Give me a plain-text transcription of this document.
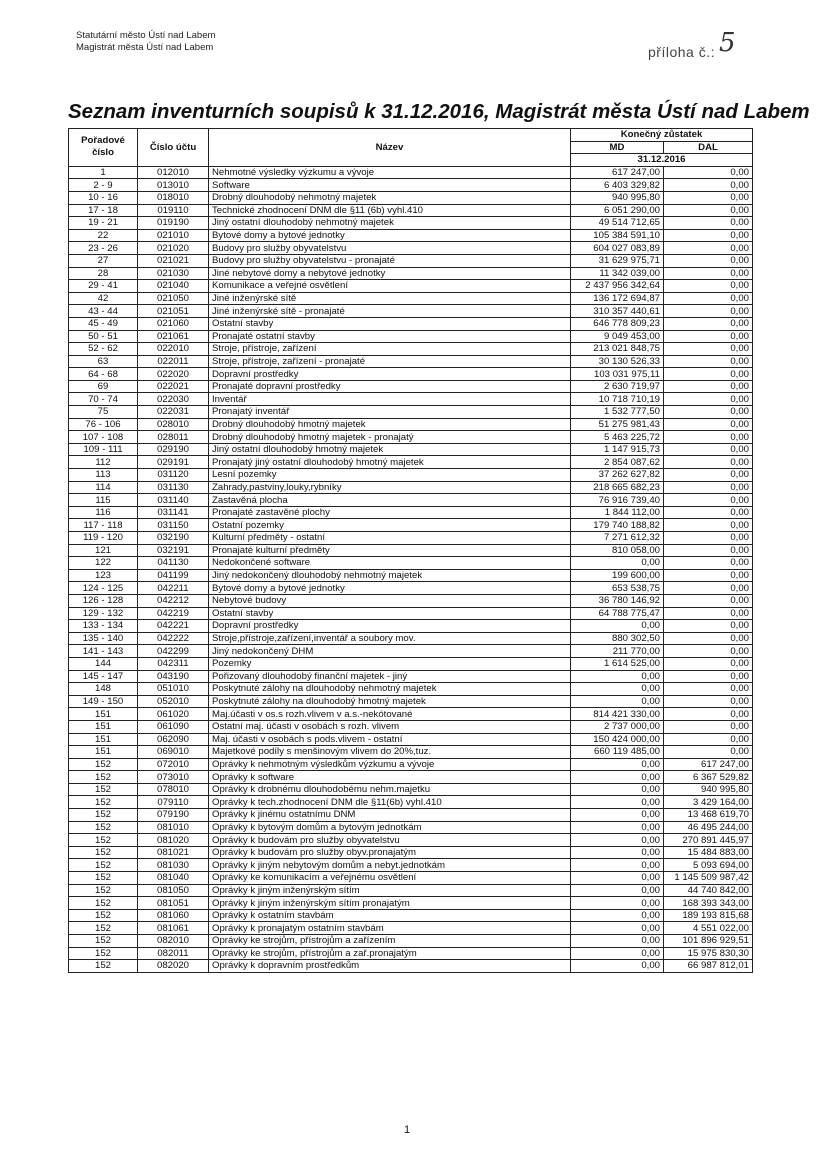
Statutární město Ústí nad Labem
Magistrát města Ústí nad Labem	příloha č.: 5
Seznam inventurních soupisů k 31.12.2016, Magistrát města Ústí nad Labem
Pořadové číslo	Číslo účtu	Název	Konečný zůstatek	
			MD	DAL
			31.12.2016	
1	012010	Nehmotné výsledky výzkumu a vývoje	617 247,00	0,00
2 - 9	013010	Software	6 403 329,82	0,00
10 - 16	018010	Drobný dlouhodobý nehmotný majetek	940 995,80	0,00
17 - 18	019110	Technické zhodnocení DNM dle §11 (6b) vyhl.410	6 051 290,00	0,00
19 - 21	019190	Jiný ostatní dlouhodobý nehmotný majetek	49 514 712,65	0,00
22	021010	Bytové domy a bytové jednotky	105 384 591,10	0,00
23 - 26	021020	Budovy pro služby obyvatelstvu	604 027 083,89	0,00
27	021021	Budovy pro služby obyvatelstvu - pronajaté	31 629 975,71	0,00
28	021030	Jiné nebytové domy a nebytové jednotky	11 342 039,00	0,00
29 - 41	021040	Komunikace a veřejné osvětlení	2 437 956 342,64	0,00
42	021050	Jiné inženýrské sítě	136 172 694,87	0,00
43 - 44	021051	Jiné inženýrské sítě - pronajaté	310 357 440,61	0,00
45 - 49	021060	Ostatní stavby	646 778 809,23	0,00
50 - 51	021061	Pronajaté ostatní stavby	9 049 453,00	0,00
52 - 62	022010	Stroje, přístroje, zařízení	213 021 848,75	0,00
63	022011	Stroje, přístroje, zařízení - pronajaté	30 130 526,33	0,00
64 - 68	022020	Dopravní prostředky	103 031 975,11	0,00
69	022021	Pronajaté dopravní prostředky	2 630 719,97	0,00
70 - 74	022030	Inventář	10 718 710,19	0,00
75	022031	Pronajatý inventář	1 532 777,50	0,00
76 - 106	028010	Drobný dlouhodobý hmotný majetek	51 275 981,43	0,00
107 - 108	028011	Drobný dlouhodobý hmotný majetek - pronajatý	5 463 225,72	0,00
109 - 111	029190	Jiný ostatní dlouhodobý hmotný majetek	1 147 915,73	0,00
112	029191	Pronajatý jiný ostatní dlouhodobý hmotný majetek	2 854 087,62	0,00
113	031120	Lesní pozemky	37 262 627,82	0,00
114	031130	Zahrady,pastviny,louky,rybníky	218 665 682,23	0,00
115	031140	Zastavěná plocha	76 916 739,40	0,00
116	031141	Pronajaté zastavěné plochy	1 844 112,00	0,00
117 - 118	031150	Ostatní pozemky	179 740 188,82	0,00
119 - 120	032190	Kulturní předměty - ostatní	7 271 612,32	0,00
121	032191	Pronajaté kulturní předměty	810 058,00	0,00
122	041130	Nedokončené software	0,00	0,00
123	041199	Jiný nedokončený dlouhodobý nehmotný majetek	199 600,00	0,00
124 - 125	042211	Bytové domy a bytové jednotky	653 538,75	0,00
126 - 128	042212	Nebytové budovy	36 780 146,92	0,00
129 - 132	042219	Ostatní stavby	64 788 775,47	0,00
133 - 134	042221	Dopravní prostředky	0,00	0,00
135 - 140	042222	Stroje,přístroje,zařízení,inventář a soubory mov.	880 302,50	0,00
141 - 143	042299	Jiný nedokončený DHM	211 770,00	0,00
144	042311	Pozemky	1 614 525,00	0,00
145 - 147	043190	Pořizovaný dlouhodobý finanční majetek - jiný	0,00	0,00
148	051010	Poskytnuté zálohy na dlouhodobý nehmotný majetek	0,00	0,00
149 - 150	052010	Poskytnuté zálohy na dlouhodobý hmotný majetek	0,00	0,00
151	061020	Maj.účasti v os.s rozh.vlivem v a.s.-nekótované	814 421 330,00	0,00
151	061090	Ostatní maj. účasti v osobách s rozh. vlivem	2 737 000,00	0,00
151	062090	Maj. účasti v osobách s pods.vlivem - ostatní	150 424 000,00	0,00
151	069010	Majetkové podíly s menšinovým vlivem do 20%,tuz.	660 119 485,00	0,00
152	072010	Oprávky k nehmotným výsledkům výzkumu a vývoje	0,00	617 247,00
152	073010	Oprávky k software	0,00	6 367 529,82
152	078010	Oprávky k drobnému dlouhodobému nehm.majetku	0,00	940 995,80
152	079110	Oprávky k tech.zhodnocení DNM dle §11(6b) vyhl.410	0,00	3 429 164,00
152	079190	Oprávky k jinému ostatnímu DNM	0,00	13 468 619,70
152	081010	Oprávky k bytovým domům a bytovým jednotkám	0,00	46 495 244,00
152	081020	Oprávky k budovám pro služby obyvatelstvu	0,00	270 891 445,97
152	081021	Oprávky k budovám pro služby obyv.pronajatým	0,00	15 484 883,00
152	081030	Oprávky k jiným nebytovým domům a nebyt.jednotkám	0,00	5 093 694,00
152	081040	Oprávky ke komunikacím a veřejnému osvětlení	0,00	1 145 509 987,42
152	081050	Oprávky k jiným inženýrským sítím	0,00	44 740 842,00
152	081051	Oprávky k jiným inženýrským sítím pronajatým	0,00	168 393 343,00
152	081060	Oprávky k ostatním stavbám	0,00	189 193 815,68
152	081061	Oprávky k pronajatým ostatním stavbám	0,00	4 551 022,00
152	082010	Oprávky ke strojům, přístrojům a zařízením	0,00	101 896 929,51
152	082011	Oprávky ke strojům, přístrojům a zař.pronajatým	0,00	15 975 830,30
152	082020	Oprávky k dopravním prostředkům	0,00	66 987 812,01
1
